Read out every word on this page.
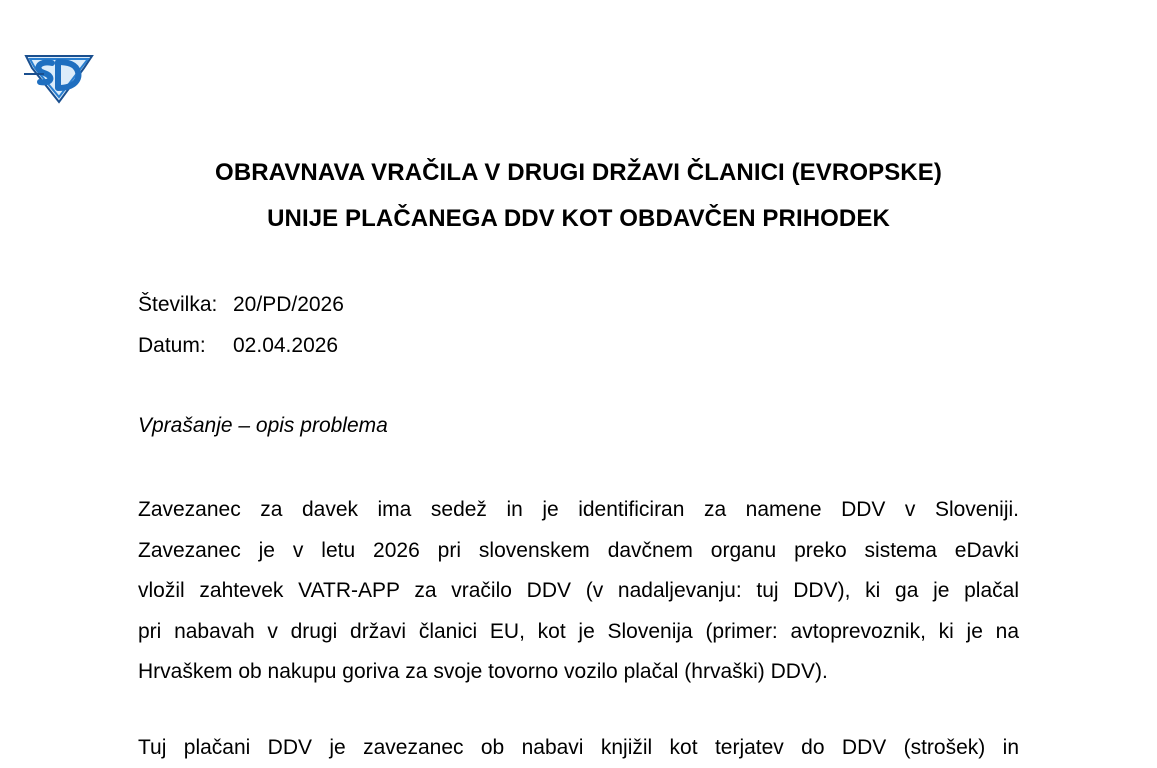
OBRAVNAVA VRAČILA V DRUGI DRŽAVI ČLANICI (EVROPSKE)
UNIJE PLAČANEGA DDV KOT OBDAVČEN PRIHODEK
Številka: 20/PD/2026
Datum: 02.04.2026
Vprašanje – opis problema
Zavezanec za davek ima sedež in je identificiran za namene DDV v Sloveniji.
Zavezanec je v letu 2026 pri slovenskem davčnem organu preko sistema eDavki
vložil zahtevek VATR-APP za vračilo DDV (v nadaljevanju: tuj DDV), ki ga je plačal
pri nabavah v drugi državi članici EU, kot je Slovenija (primer: avtoprevoznik, ki je na
Hrvaškem ob nakupu goriva za svoje tovorno vozilo plačal (hrvaški) DDV).
Tuj plačani DDV je zavezanec ob nabavi knjižil kot terjatev do DDV (strošek) in
